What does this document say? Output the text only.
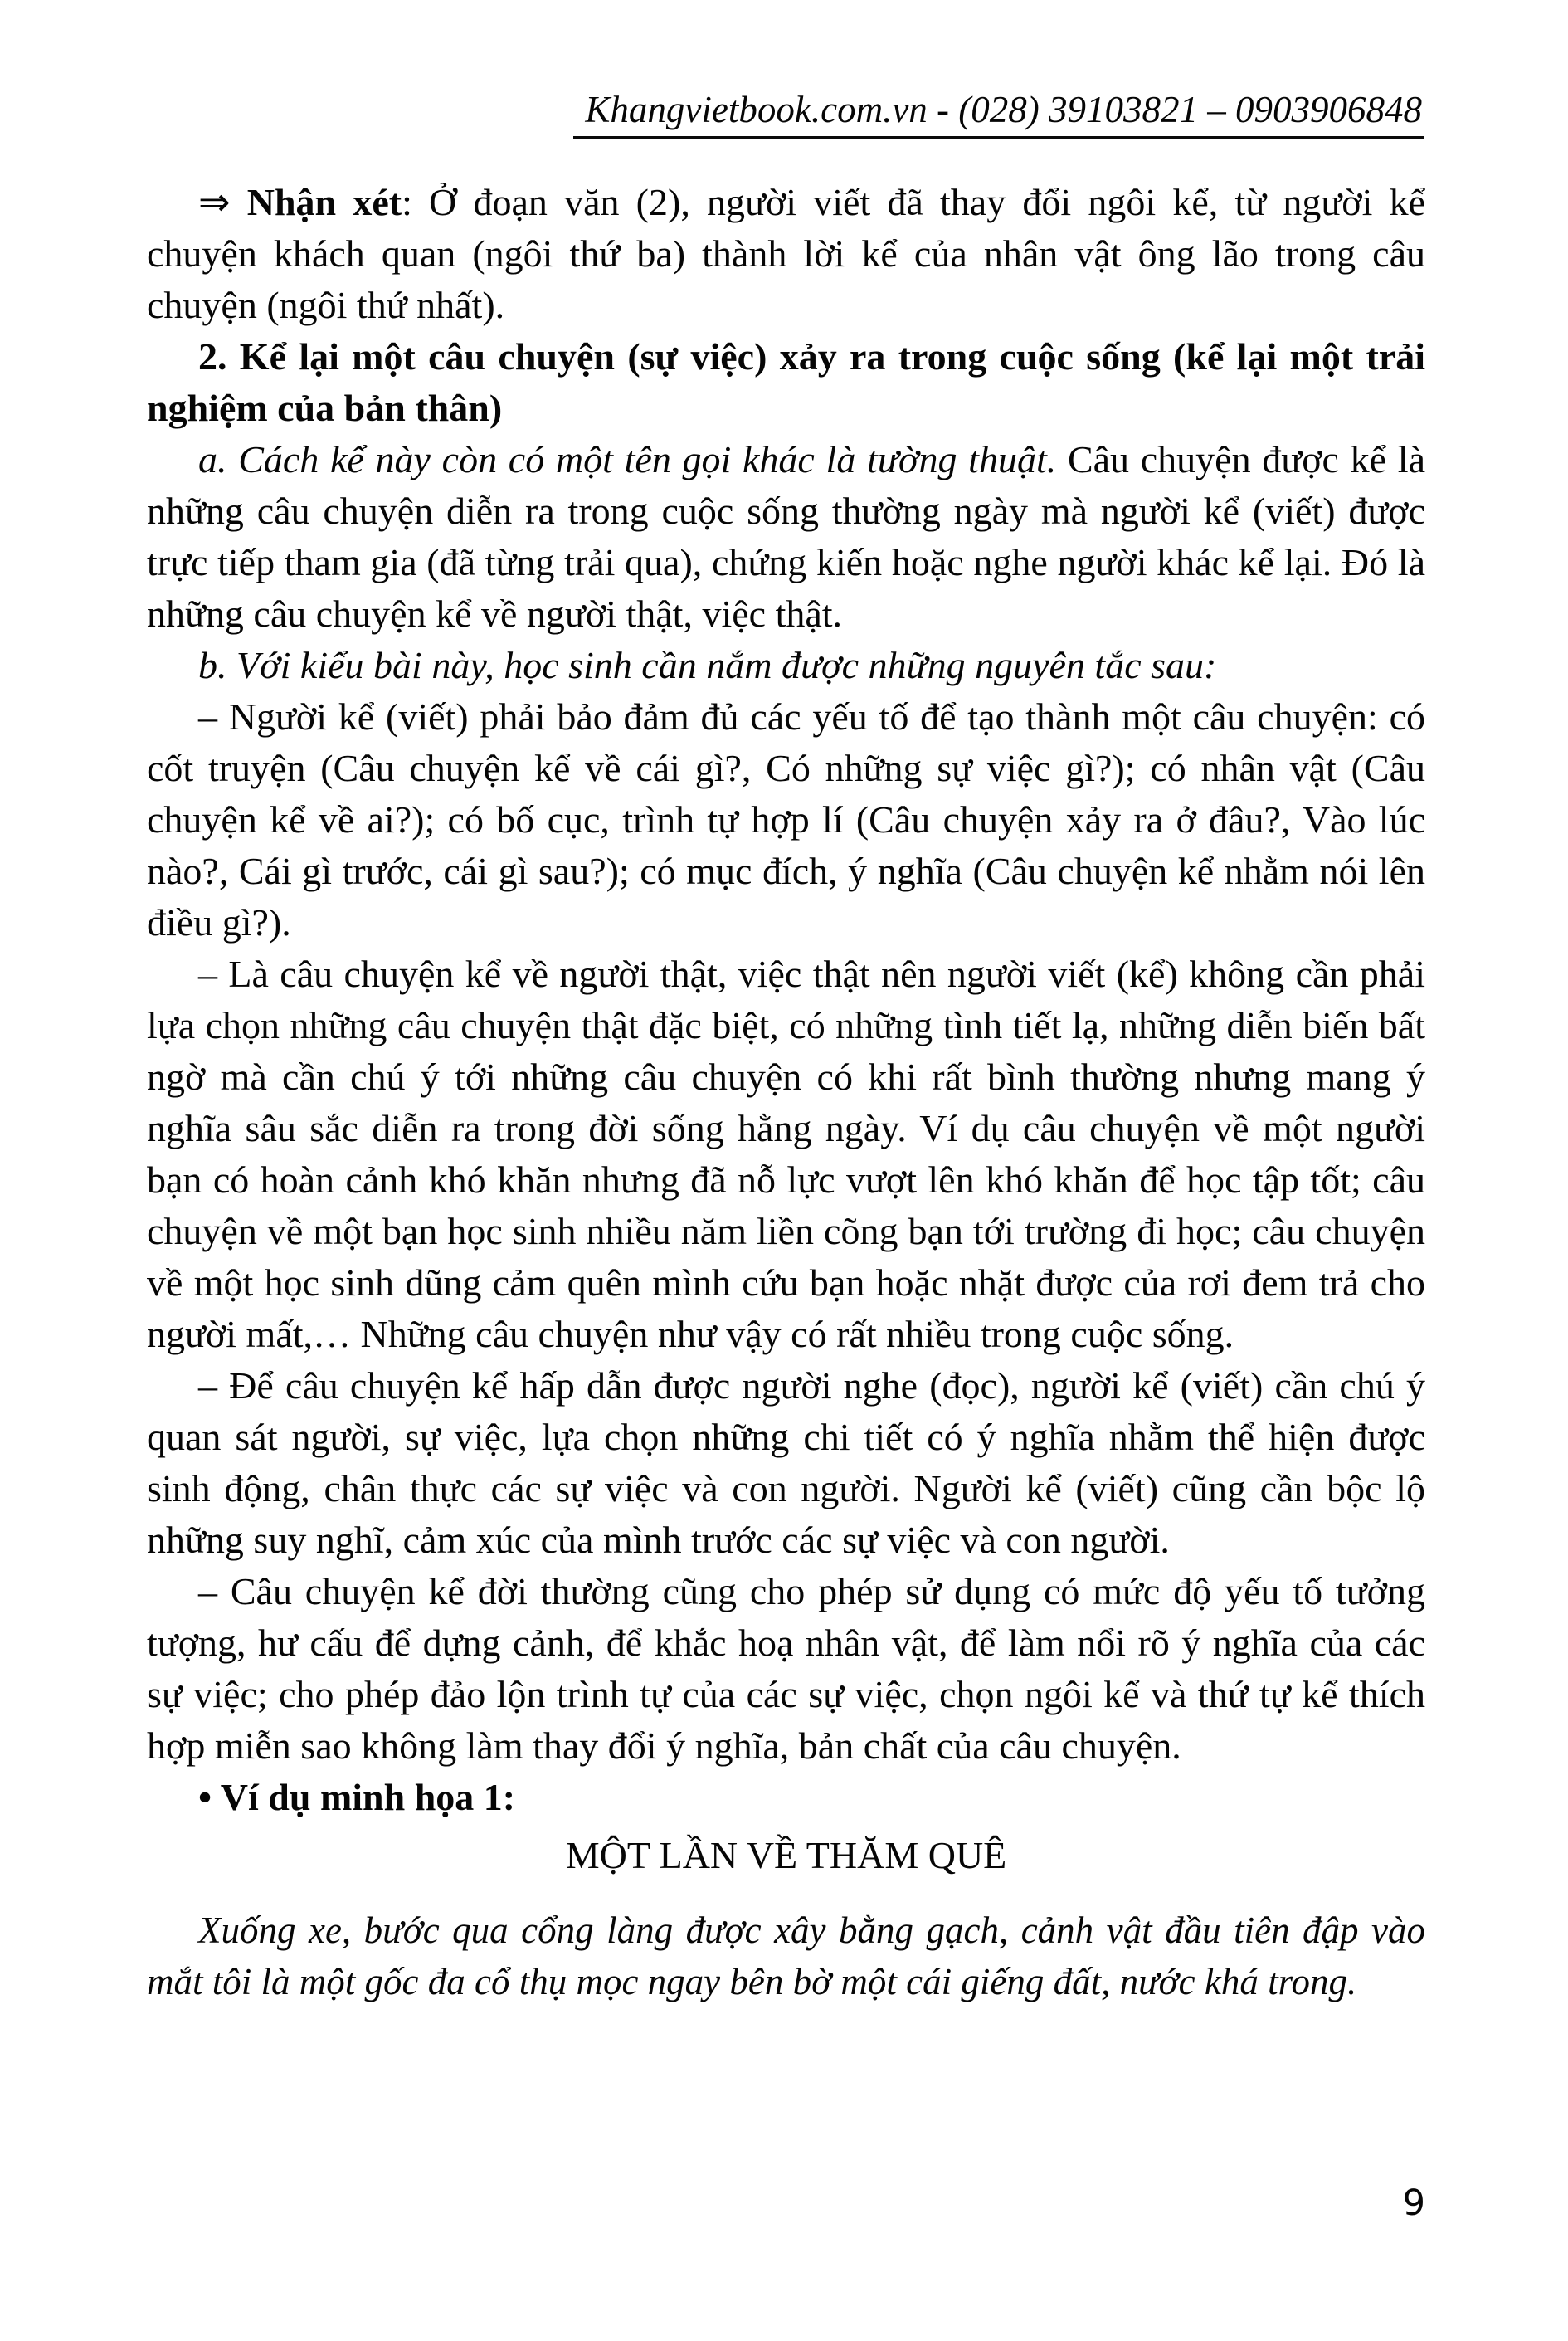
Khangvietbook.com.vn - (028) 39103821 – 0903906848

⇒ Nhận xét: Ở đoạn văn (2), người viết đã thay đổi ngôi kể, từ người kể chuyện khách quan (ngôi thứ ba) thành lời kể của nhân vật ông lão trong câu chuyện (ngôi thứ nhất).

2. Kể lại một câu chuyện (sự việc) xảy ra trong cuộc sống (kể lại một trải nghiệm của bản thân)

a. Cách kể này còn có một tên gọi khác là tường thuật. Câu chuyện được kể là những câu chuyện diễn ra trong cuộc sống thường ngày mà người kể (viết) được trực tiếp tham gia (đã từng trải qua), chứng kiến hoặc nghe người khác kể lại. Đó là những câu chuyện kể về người thật, việc thật.

b. Với kiểu bài này, học sinh cần nắm được những nguyên tắc sau:

– Người kể (viết) phải bảo đảm đủ các yếu tố để tạo thành một câu chuyện: có cốt truyện (Câu chuyện kể về cái gì?, Có những sự việc gì?); có nhân vật (Câu chuyện kể về ai?); có bố cục, trình tự hợp lí (Câu chuyện xảy ra ở đâu?, Vào lúc nào?, Cái gì trước, cái gì sau?); có mục đích, ý nghĩa (Câu chuyện kể nhằm nói lên điều gì?).

– Là câu chuyện kể về người thật, việc thật nên người viết (kể) không cần phải lựa chọn những câu chuyện thật đặc biệt, có những tình tiết lạ, những diễn biến bất ngờ mà cần chú ý tới những câu chuyện có khi rất bình thường nhưng mang ý nghĩa sâu sắc diễn ra trong đời sống hằng ngày. Ví dụ câu chuyện về một người bạn có hoàn cảnh khó khăn nhưng đã nỗ lực vượt lên khó khăn để học tập tốt; câu chuyện về một bạn học sinh nhiều năm liền cõng bạn tới trường đi học; câu chuyện về một học sinh dũng cảm quên mình cứu bạn hoặc nhặt được của rơi đem trả cho người mất,… Những câu chuyện như vậy có rất nhiều trong cuộc sống.

– Để câu chuyện kể hấp dẫn được người nghe (đọc), người kể (viết) cần chú ý quan sát người, sự việc, lựa chọn những chi tiết có ý nghĩa nhằm thể hiện được sinh động, chân thực các sự việc và con người. Người kể (viết) cũng cần bộc lộ những suy nghĩ, cảm xúc của mình trước các sự việc và con người.

– Câu chuyện kể đời thường cũng cho phép sử dụng có mức độ yếu tố tưởng tượng, hư cấu để dựng cảnh, để khắc hoạ nhân vật, để làm nổi rõ ý nghĩa của các sự việc; cho phép đảo lộn trình tự của các sự việc, chọn ngôi kể và thứ tự kể thích hợp miễn sao không làm thay đổi ý nghĩa, bản chất của câu chuyện.

• Ví dụ minh họa 1:

MỘT LẦN VỀ THĂM QUÊ

Xuống xe, bước qua cổng làng được xây bằng gạch, cảnh vật đầu tiên đập vào mắt tôi là một gốc đa cổ thụ mọc ngay bên bờ một cái giếng đất, nước khá trong.

9
